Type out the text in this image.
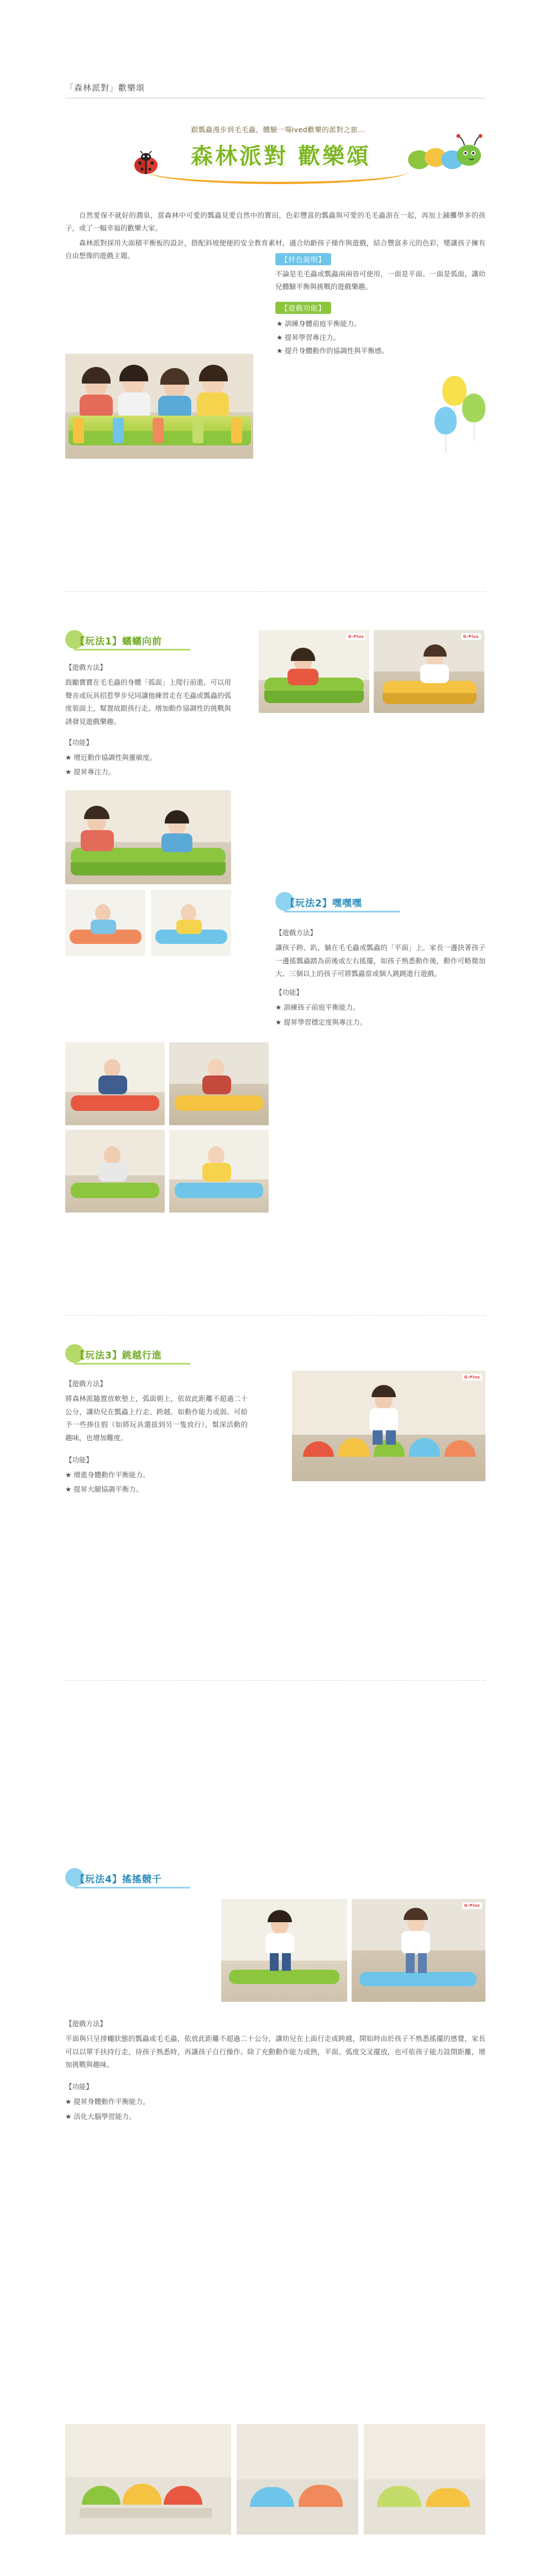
「森林派對」歡樂頌
跟瓢蟲漫步到毛毛蟲，體驗一場ived歡樂的派對之旅…
森林派對 歡樂頌

自然愛保不就好的潤泉，當森林中可愛的瓢蟲見愛自然中的寶田，色彩豐富的瓢蟲與可愛的毛毛蟲游在一起，再加上鋪攤學多的孩子，或了一幅幸福的歡樂大家。

森林派對採用大面積平衡板的設計，搭配斜坡便便的安全教育素材，適合幼齡孩子操作與遊戲，結合豐富多元的色彩，變讓孩子擁有自由想像的遊戲主題。	【材色說明】
不論是毛毛蟲或瓢蟲兩兩皆可使用，一面是平面、一面是弧面，讓幼兒體驗平衡與挑戰的遊戲樂趣。
【遊戲功能】
★ 訓練身體前庭平衡能力。
★ 提昇學習專注力。
★ 提升身體動作的協調性與平衡感。
【玩法1】蠕蠕向前

【遊戲方法】

鼓勵寶寶在毛毛蟲的身體「弧面」上爬行前進，可以用聲音或玩具招惹學步兒同讓他練習走在毛蟲或瓢蟲的弧度裝面上，幫置故跟孩行走。增加動作協調性的挑戰與誘發見遊戲樂趣。

【功能】

★ 增近動作協調性與靈敏度。

★ 提昇專注力。

G-Plus	G-Plus
【玩法2】嘿嘿嘿

【遊戲方法】

讓孩子跨、趴、躺在毛毛蟲或瓢蟲的「平面」上。家長一邊抉著孩子一邊搖瓢蟲踏為前後或左右搖擺，如孩子熟悉動作後，動作可略微加大、三個以上的孩子可將瓢蟲當或個人跳跳進行遊戲。

【功能】

★ 訓練孩子前庭平衡能力。

★ 提昇學習穩定度與專注力。

【玩法3】跳越行進

【遊戲方法】

將森林派隨置放軟墊上，弧面朝上，依故此距離不超過二十公分，讓幼兒在瓢蟲上行走、跨越。如動作能力或弱、可給予一些捧住假（如將玩具選拔到另一隻放行），幫深活動的趣味，也增加難度。

【功能】

★ 增進身體動作平衡能力。

★ 提昇大腿協調平衡力。

G-Plus
【玩法4】搖搖競千
G-Plus

【遊戲方法】

平面與只呈排蠅狀態的瓢蟲或毛毛蟲，依放此距離不超過二十公分，讓幼兒在上面行走或跨越，開始時由於孩子不熟悉搖擺的感覺，家長可以以單手扶持行走，待孩子熟悉時，再讓孩子自行操作。除了充動動作能力或熱，平面、弧度交叉擺放，也可依孩子能力設閉距離，增加挑戰與趣味。

【功能】

★ 提昇身體動作平衡能力。

★ 活化大腦學習能力。
